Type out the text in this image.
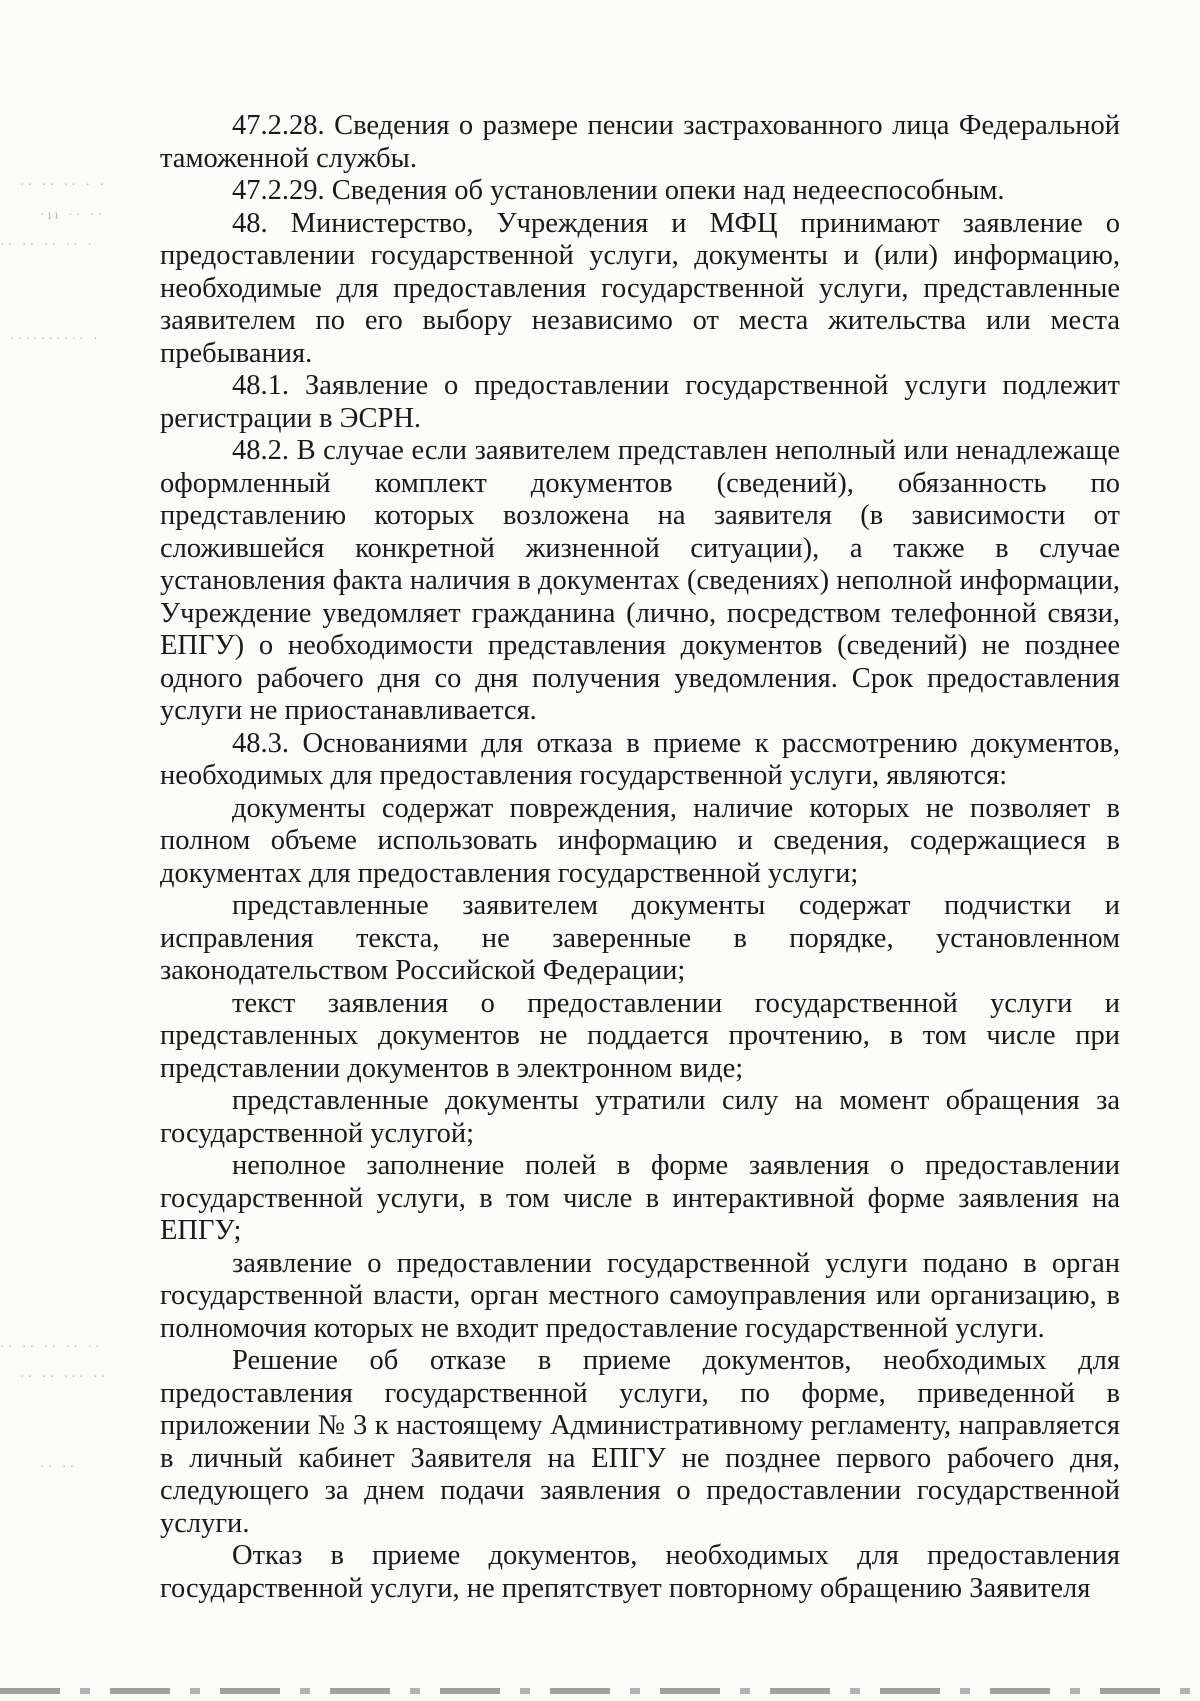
·· ·· ·· · ·
·ıı ·· ··
·· ·· ·· ·· ·
·········· ·
·· ·· ·· ·· ··
·· ·· ··· ··
·· ··

47.2.28. Сведения о размере пенсии застрахованного лица Федеральной таможенной службы.

47.2.29. Сведения об установлении опеки над недееспособным.

48. Министерство, Учреждения и МФЦ принимают заявление о предоставлении государственной услуги, документы и (или) информацию, необходимые для предоставления государственной услуги, представленные заявителем по его выбору независимо от места жительства или места пребывания.

48.1. Заявление о предоставлении государственной услуги подлежит регистрации в ЭСРН.

48.2. В случае если заявителем представлен неполный или ненадлежаще оформленный комплект документов (сведений), обязанность по представлению которых возложена на заявителя (в зависимости от сложившейся конкретной жизненной ситуации), а также в случае установления факта наличия в документах (сведениях) неполной информации, Учреждение уведомляет гражданина (лично, посредством телефонной связи, ЕПГУ) о необходимости представления документов (сведений) не позднее одного рабочего дня со дня получения уведомления. Срок предоставления услуги не приостанавливается.

48.3. Основаниями для отказа в приеме к рассмотрению документов, необходимых для предоставления государственной услуги, являются:

документы содержат повреждения, наличие которых не позволяет в полном объеме использовать информацию и сведения, содержащиеся в документах для предоставления государственной услуги;

представленные заявителем документы содержат подчистки и исправления текста, не заверенные в порядке, установленном законодательством Российской Федерации;

текст заявления о предоставлении государственной услуги и представленных документов не поддается прочтению, в том числе при представлении документов в электронном виде;

представленные документы утратили силу на момент обращения за государственной услугой;

неполное заполнение полей в форме заявления о предоставлении государственной услуги, в том числе в интерактивной форме заявления на ЕПГУ;

заявление о предоставлении государственной услуги подано в орган государственной власти, орган местного самоуправления или организацию, в полномочия которых не входит предоставление государственной услуги.

Решение об отказе в приеме документов, необходимых для предоставления государственной услуги, по форме, приведенной в приложении № 3 к настоящему Административному регламенту, направляется в личный кабинет Заявителя на ЕПГУ не позднее первого рабочего дня, следующего за днем подачи заявления о предоставлении государственной услуги.

Отказ в приеме документов, необходимых для предоставления государственной услуги, не препятствует повторному обращению Заявителя
